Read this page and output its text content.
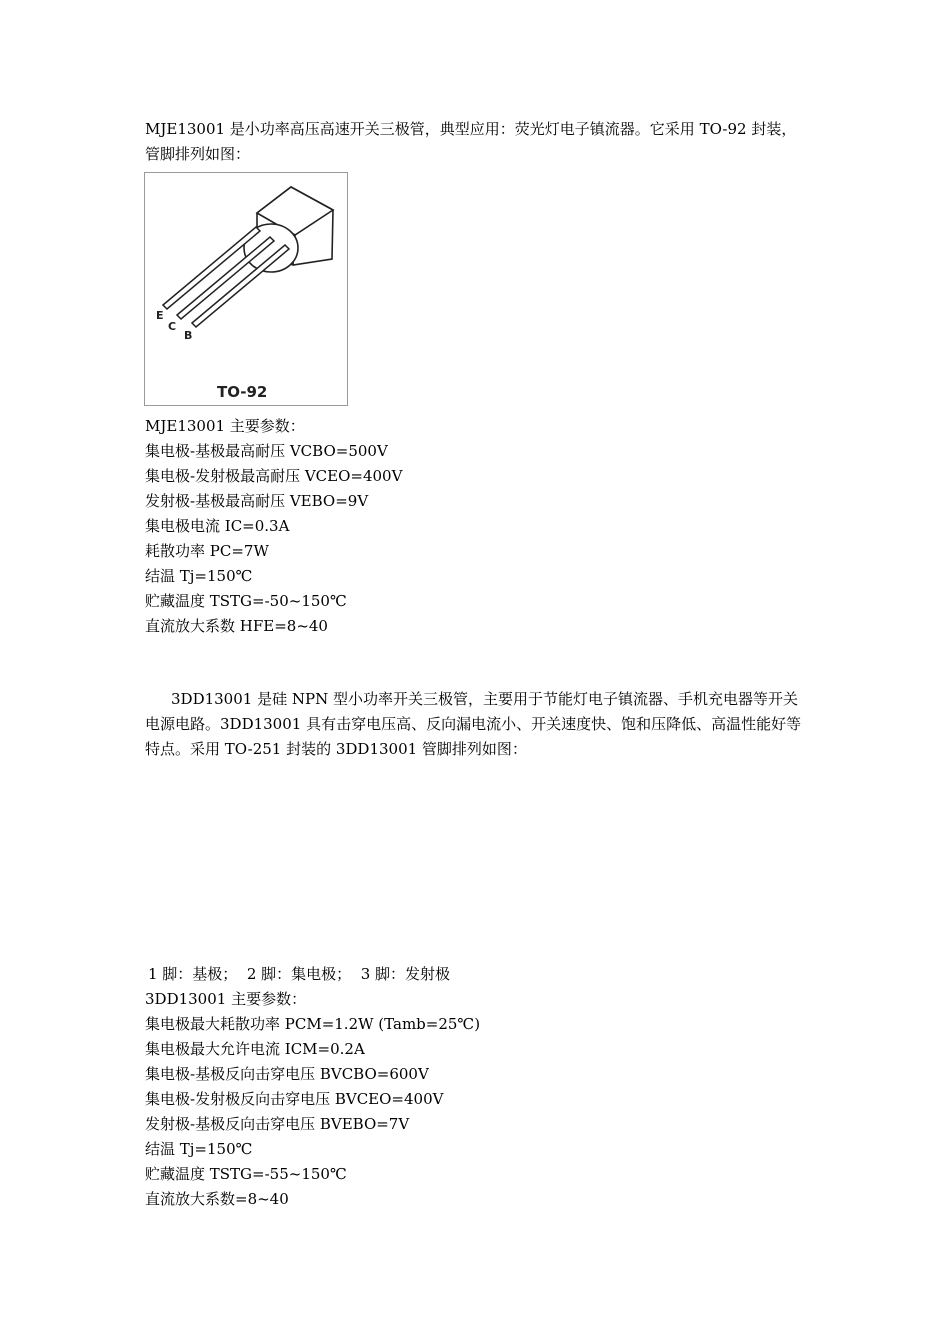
MJE13001 是小功率高压高速开关三极管，典型应用：荧光灯电子镇流器。它采用 TO-92 封装，管脚排列如图：
E
C
B
TO-92
MJE13001 主要参数：
集电极-基极最高耐压 VCBO=500V
集电极-发射极最高耐压 VCEO=400V
发射极-基极最高耐压 VEBO=9V
集电极电流 IC=0.3A
耗散功率 PC=7W
结温 Tj=150℃
贮藏温度 TSTG=-50~150℃
直流放大系数 HFE=8~40
3DD13001 是硅 NPN 型小功率开关三极管，主要用于节能灯电子镇流器、手机充电器等开关电源电路。3DD13001 具有击穿电压高、反向漏电流小、开关速度快、饱和压降低、高温性能好等特点。采用 TO-251 封装的 3DD13001 管脚排列如图：
1 脚：基极；  2 脚：集电极；  3 脚：发射极
3DD13001 主要参数：
集电极最大耗散功率 PCM=1.2W (Tamb=25℃)
集电极最大允许电流 ICM=0.2A
集电极-基极反向击穿电压 BVCBO=600V
集电极-发射极反向击穿电压 BVCEO=400V
发射极-基极反向击穿电压 BVEBO=7V
结温 Tj=150℃
贮藏温度 TSTG=-55~150℃
直流放大系数=8~40
